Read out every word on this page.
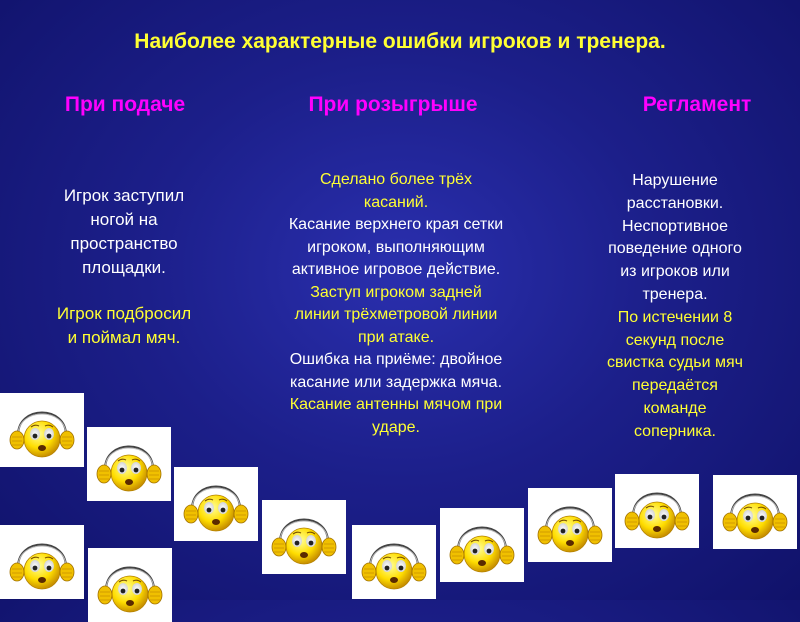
Наиболее характерные ошибки игроков и тренера.
При подаче	При розыгрыше	Регламент
Игрок заступил
ногой на
пространство
площадки.
Игрок подбросил
и поймал мяч.
Сделано более трёх
касаний.
Касание верхнего края сетки
игроком, выполняющим
активное игровое действие.
Заступ игроком задней
линии трёхметровой линии
при атаке.
Ошибка на приёме: двойное
касание или задержка мяча.
Касание антенны мячом при
ударе.
Нарушение
расстановки.
Неспортивное
поведение одного
из игроков или
тренера.
По истечении 8
секунд после
свистка судьи мяч
передаётся
команде
соперника.
